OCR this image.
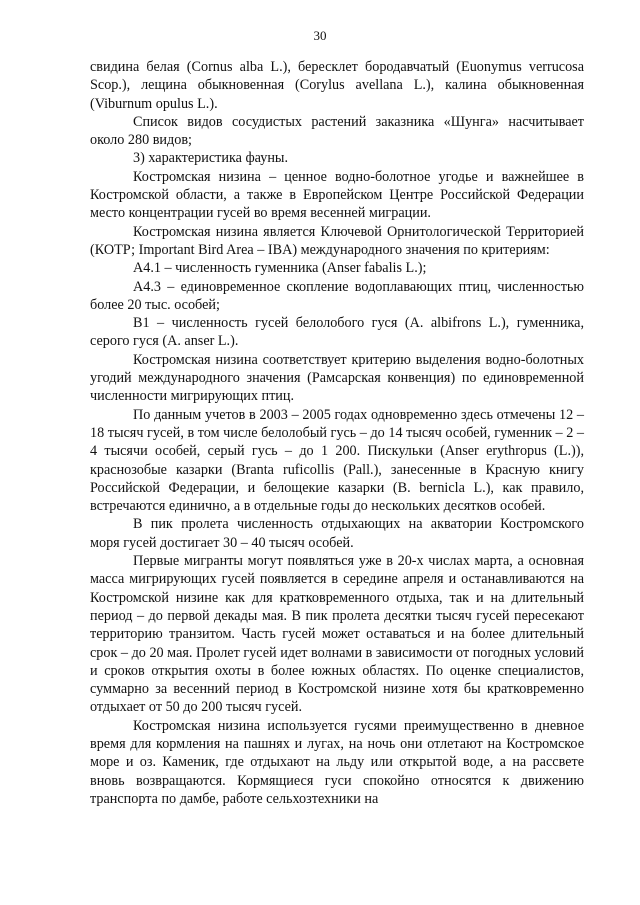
30

свидина белая (Cornus alba L.), бересклет бородавчатый (Euonymus verrucosa Scop.), лещина обыкновенная (Corylus avellana L.), калина обыкновенная (Viburnum opulus L.).

Список видов сосудистых растений заказника «Шунга» насчитывает около 280 видов;

3) характеристика фауны.

Костромская низина – ценное водно-болотное угодье и важнейшее в Костромской области, а также в Европейском Центре Российской Федерации место концентрации гусей во время весенней миграции.

Костромская низина является Ключевой Орнитологической Территорией (КОТР; Important Bird Area – IBA) международного значения по критериям:

А4.1 – численность гуменника (Anser fabalis L.);

А4.3 – единовременное скопление водоплавающих птиц, численностью более 20 тыс. особей;

В1 – численность гусей белолобого гуся (A. albifrons L.), гуменника, серого гуся (A. anser L.).

Костромская низина соответствует критерию выделения водно-болотных угодий международного значения (Рамсарская конвенция) по единовременной численности мигрирующих птиц.

По данным учетов в 2003 – 2005 годах одновременно здесь отмечены 12 – 18 тысяч гусей, в том числе белолобый гусь – до 14 тысяч особей, гуменник – 2 – 4 тысячи особей, серый гусь – до 1 200. Пискульки (Anser erythropus (L.)), краснозобые казарки (Branta ruficollis (Pall.), занесенные в Красную книгу Российской Федерации, и белощекие казарки (B. bernicla L.), как правило, встречаются единично, а в отдельные годы до нескольких десятков особей.

В пик пролета численность отдыхающих на акватории Костромского моря гусей достигает 30 – 40 тысяч особей.

Первые мигранты могут появляться уже в 20-х числах марта, а основная масса мигрирующих гусей появляется в середине апреля и останавливаются на Костромской низине как для кратковременного отдыха, так и на длительный период – до первой декады мая. В пик пролета десятки тысяч гусей пересекают территорию транзитом. Часть гусей может оставаться и на более длительный срок – до 20 мая. Пролет гусей идет волнами в зависимости от погодных условий и сроков открытия охоты в более южных областях. По оценке специалистов, суммарно за весенний период в Костромской низине хотя бы кратковременно отдыхает от 50 до 200 тысяч гусей.

Костромская низина используется гусями преимущественно в дневное время для кормления на пашнях и лугах, на ночь они отлетают на Костромское море и оз. Каменик, где отдыхают на льду или открытой воде, а на рассвете вновь возвращаются. Кормящиеся гуси спокойно относятся к движению транспорта по дамбе, работе сельхозтехники на
